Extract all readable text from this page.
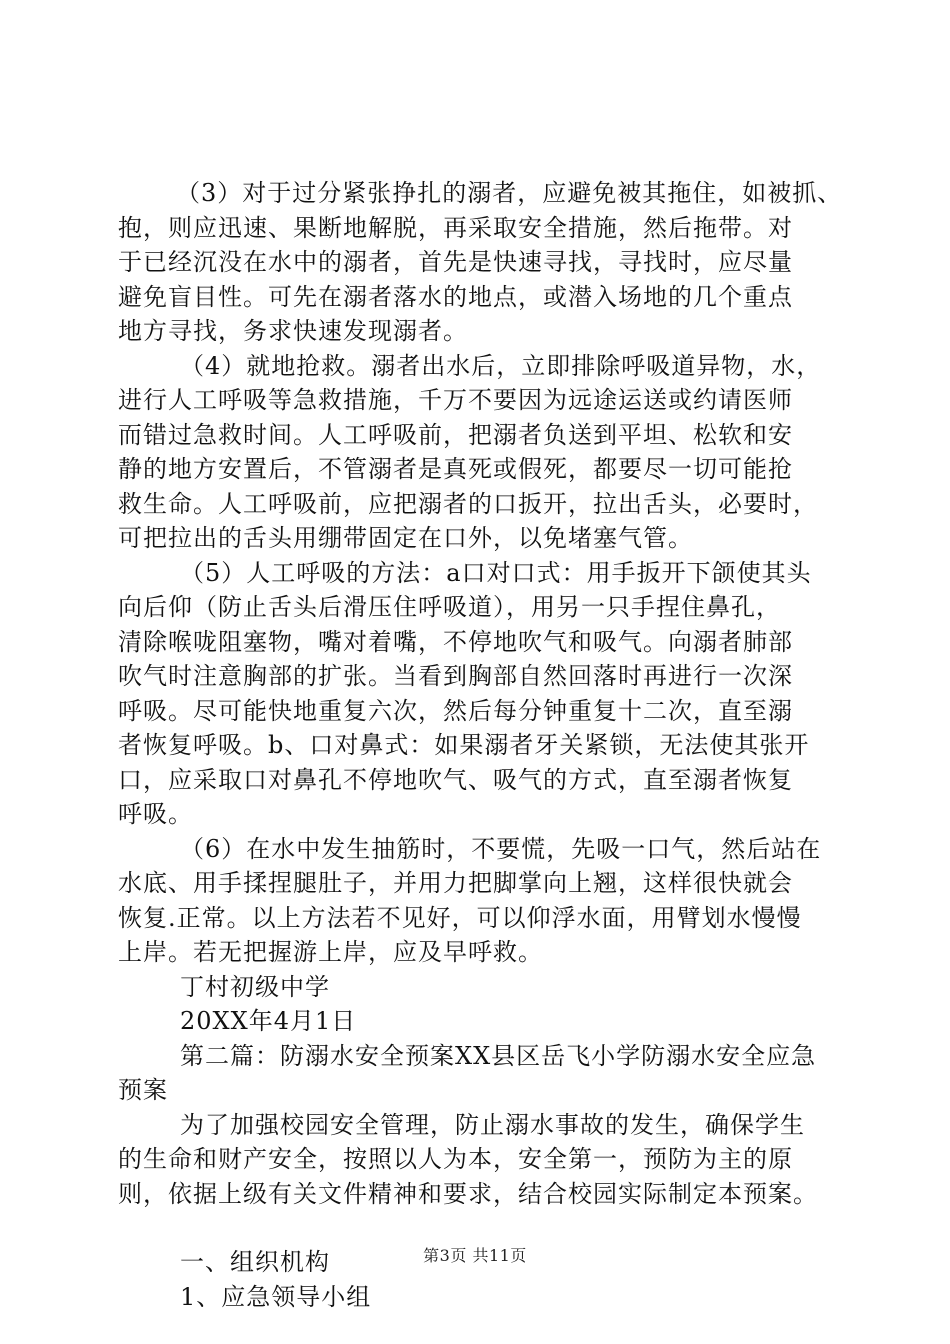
（3）对于过分紧张挣扎的溺者，应避免被其拖住，如被抓、
抱，则应迅速、果断地解脱，再采取安全措施，然后拖带。对
于已经沉没在水中的溺者，首先是快速寻找，寻找时，应尽量
避免盲目性。可先在溺者落水的地点，或潜入场地的几个重点
地方寻找，务求快速发现溺者。
（4）就地抢救。溺者出水后，立即排除呼吸道异物，水，
进行人工呼吸等急救措施，千万不要因为远途运送或约请医师
而错过急救时间。人工呼吸前，把溺者负送到平坦、松软和安
静的地方安置后，不管溺者是真死或假死，都要尽一切可能抢
救生命。人工呼吸前，应把溺者的口扳开，拉出舌头，必要时，
可把拉出的舌头用绷带固定在口外，以免堵塞气管。
（5）人工呼吸的方法：a口对口式：用手扳开下颌使其头
向后仰（防止舌头后滑压住呼吸道），用另一只手捏住鼻孔，
清除喉咙阻塞物，嘴对着嘴，不停地吹气和吸气。向溺者肺部
吹气时注意胸部的扩张。当看到胸部自然回落时再进行一次深
呼吸。尽可能快地重复六次，然后每分钟重复十二次，直至溺
者恢复呼吸。b、口对鼻式：如果溺者牙关紧锁，无法使其张开
口，应采取口对鼻孔不停地吹气、吸气的方式，直至溺者恢复
呼吸。
（6）在水中发生抽筋时，不要慌，先吸一口气，然后站在
水底、用手揉捏腿肚子，并用力把脚掌向上翘，这样很快就会
恢复.正常。以上方法若不见好，可以仰浮水面，用臂划水慢慢
上岸。若无把握游上岸，应及早呼救。
丁村初级中学
20XX年4月1日
第二篇：防溺水安全预案XX县区岳飞小学防溺水安全应急
预案
为了加强校园安全管理，防止溺水事故的发生，确保学生
的生命和财产安全，按照以人为本，安全第一，预防为主的原
则，依据上级有关文件精神和要求，结合校园实际制定本预案。
一、组织机构
1、应急领导小组
第3页 共11页
